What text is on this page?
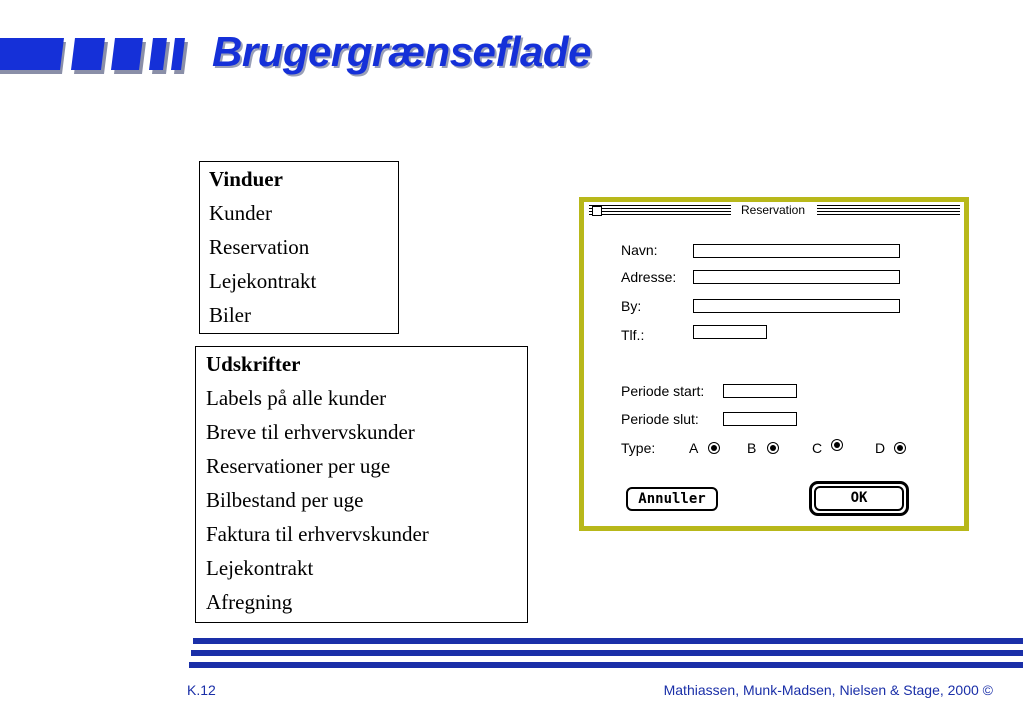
Brugergrænseflade
Vinduer
Kunder
Reservation
Lejekontrakt
Biler
Udskrifter
Labels på alle kunder
Breve til erhvervskunder
Reservationer per uge
Bilbestand per uge
Faktura til erhvervskunder
Lejekontrakt
Afregning
Reservation
Navn:
Adresse:
By:
Tlf.:
Periode start:
Periode slut:
Type: A	B	C	D
Annuller	OK
K.12	Mathiassen, Munk-Madsen, Nielsen & Stage, 2000 ©
